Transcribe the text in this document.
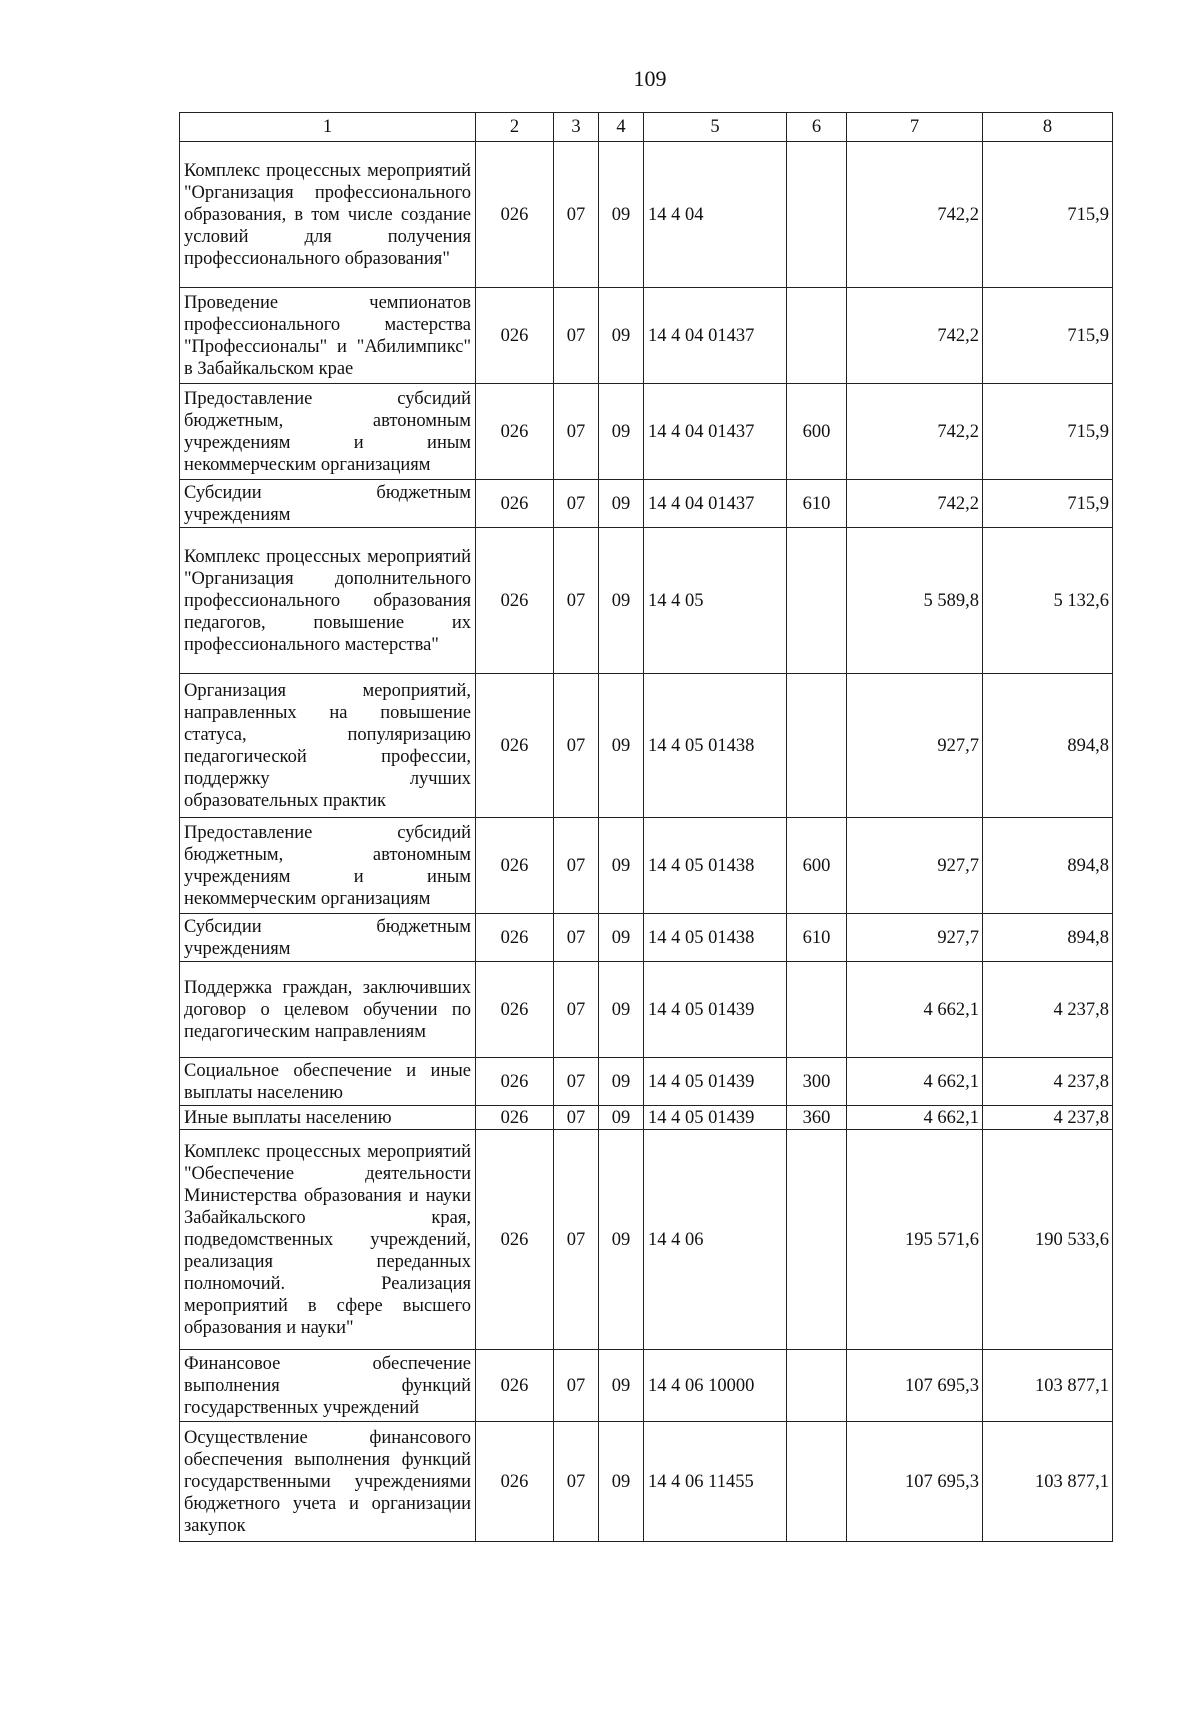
109
1	2	3	4	5	6	7	8
Комплекс процессных мероприятий "Организация профессионального образования, в том числе создание условий для получения профессионального образования"	026	07	09	14 4 04		742,2	715,9
Проведение чемпионатов профессионального мастерства "Профессионалы" и "Абилимпикс" в Забайкальском крае	026	07	09	14 4 04 01437		742,2	715,9
Предоставление субсидий бюджетным, автономным учреждениям и иным некоммерческим организациям	026	07	09	14 4 04 01437	600	742,2	715,9
Субсидии бюджетным учреждениям	026	07	09	14 4 04 01437	610	742,2	715,9
Комплекс процессных мероприятий "Организация дополнительного профессионального образования педагогов, повышение их профессионального мастерства"	026	07	09	14 4 05		5 589,8	5 132,6
Организация мероприятий, направленных на повышение статуса, популяризацию педагогической профессии, поддержку лучших образовательных практик	026	07	09	14 4 05 01438		927,7	894,8
Предоставление субсидий бюджетным, автономным учреждениям и иным некоммерческим организациям	026	07	09	14 4 05 01438	600	927,7	894,8
Субсидии бюджетным учреждениям	026	07	09	14 4 05 01438	610	927,7	894,8
Поддержка граждан, заключивших договор о целевом обучении по педагогическим направлениям	026	07	09	14 4 05 01439		4 662,1	4 237,8
Социальное обеспечение и иные выплаты населению	026	07	09	14 4 05 01439	300	4 662,1	4 237,8
Иные выплаты населению	026	07	09	14 4 05 01439	360	4 662,1	4 237,8
Комплекс процессных мероприятий "Обеспечение деятельности Министерства образования и науки Забайкальского края, подведомственных учреждений, реализация переданных полномочий. Реализация мероприятий в сфере высшего образования и науки"	026	07	09	14 4 06		195 571,6	190 533,6
Финансовое обеспечение выполнения функций государственных учреждений	026	07	09	14 4 06 10000		107 695,3	103 877,1
Осуществление финансового обеспечения выполнения функций государственными учреждениями бюджетного учета и организации закупок	026	07	09	14 4 06 11455		107 695,3	103 877,1
